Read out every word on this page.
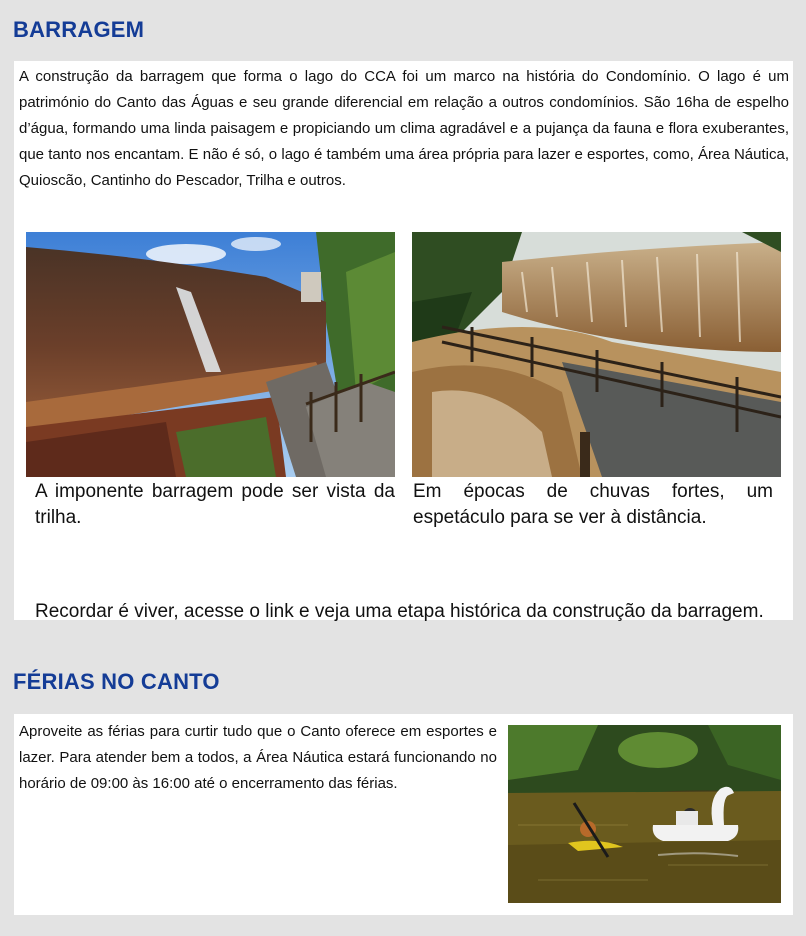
BARRAGEM

A construção da barragem que forma o lago do CCA foi um marco na história do Condomínio. O lago é um património do Canto das Águas e seu grande diferencial em relação a outros condomínios. São 16ha de espelho d’água, formando uma linda paisagem e propiciando um clima agradável e a pujança da fauna e flora exuberantes, que tanto nos encantam. E não é só, o lago é também uma área própria para lazer e esportes, como, Área Náutica, Quioscão, Cantinho do Pescador, Trilha e outros.

A imponente barragem pode ser vista da trilha.

Em épocas de chuvas fortes, um espetáculo para se ver à distância.

Recordar é viver, acesse o link e veja uma etapa histórica da construção da barragem.

FÉRIAS NO CANTO

Aproveite as férias para curtir tudo que o Canto oferece em esportes e lazer. Para atender bem a todos, a Área Náutica estará funcionando no horário de 09:00 às 16:00 até o encerramento das férias.
